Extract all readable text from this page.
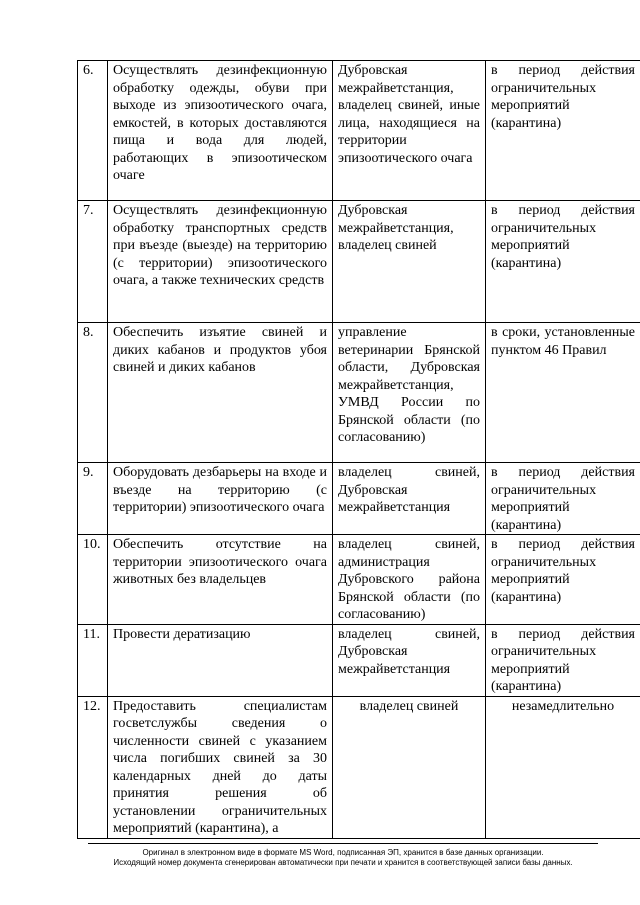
6.	Осуществлять дезинфекционную обработку одежды, обуви при выходе из эпизоотического очага, емкостей, в которых доставляются пища и вода для людей, работающих в эпизоотическом очаге	Дубровская межрайветстанция, владелец свиней, иные лица, находящиеся на территории эпизоотического очага	в период действия ограничительных мероприятий (карантина)
7.	Осуществлять дезинфекционную обработку транспортных средств при въезде (выезде) на территорию (с территории) эпизоотического очага, а также технических средств	Дубровская межрайветстанция, владелец свиней	в период действия ограничительных мероприятий (карантина)
8.	Обеспечить изъятие свиней и диких кабанов и продуктов убоя свиней и диких кабанов	управление ветеринарии Брянской области, Дубровская межрайветстанция, УМВД России по Брянской области (по согласованию)	в сроки, установленные пунктом 46 Правил
9.	Оборудовать дезбарьеры на входе и въезде на территорию (с территории) эпизоотического очага	владелец свиней, Дубровская межрайветстанция	в период действия ограничительных мероприятий (карантина)
10.	Обеспечить отсутствие на территории эпизоотического очага животных без владельцев	владелец свиней, администрация Дубровского района Брянской области (по согласованию)	в период действия ограничительных мероприятий (карантина)
11.	Провести дератизацию	владелец свиней, Дубровская межрайветстанция	в период действия ограничительных мероприятий (карантина)
12.	Предоставить специалистам госветслужбы сведения о численности свиней с указанием числа погибших свиней за 30 календарных дней до даты принятия решения об установлении ограничительных мероприятий (карантина), а	владелец свиней	незамедлительно
Оригинал в электронном виде в формате MS Word, подписанная ЭП, хранится в базе данных организации.
Исходящий номер документа сгенерирован автоматически при печати и хранится в соответствующей записи базы данных.
